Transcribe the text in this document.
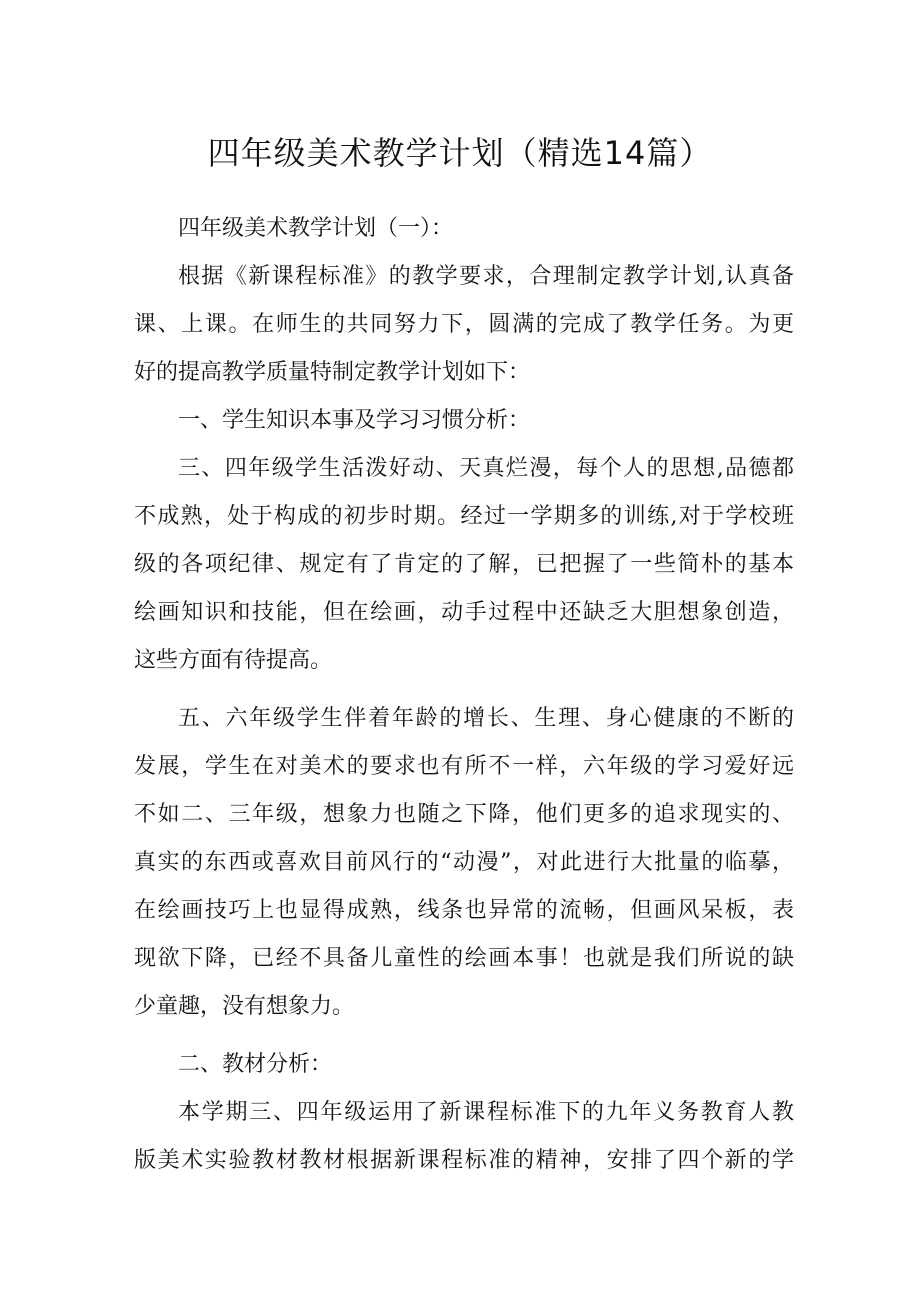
四年级美术教学计划（精选14篇）
四年级美术教学计划（一）：
根据《新课程标准》的教学要求，合理制定教学计划,认真备
课、上课。在师生的共同努力下，圆满的完成了教学任务。为更
好的提高教学质量特制定教学计划如下：
一、学生知识本事及学习习惯分析：
三、四年级学生活泼好动、天真烂漫，每个人的思想,品德都
不成熟，处于构成的初步时期。经过一学期多的训练,对于学校班
级的各项纪律、规定有了肯定的了解，已把握了一些简朴的基本
绘画知识和技能，但在绘画，动手过程中还缺乏大胆想象创造，
这些方面有待提高。
五、六年级学生伴着年龄的增长、生理、身心健康的不断的
发展，学生在对美术的要求也有所不一样，六年级的学习爱好远
不如二、三年级，想象力也随之下降，他们更多的追求现实的、
真实的东西或喜欢目前风行的“动漫”，对此进行大批量的临摹，
在绘画技巧上也显得成熟，线条也异常的流畅，但画风呆板，表
现欲下降，已经不具备儿童性的绘画本事！也就是我们所说的缺
少童趣，没有想象力。
二、教材分析：
本学期三、四年级运用了新课程标准下的九年义务教育人教
版美术实验教材教材根据新课程标准的精神，安排了四个新的学
